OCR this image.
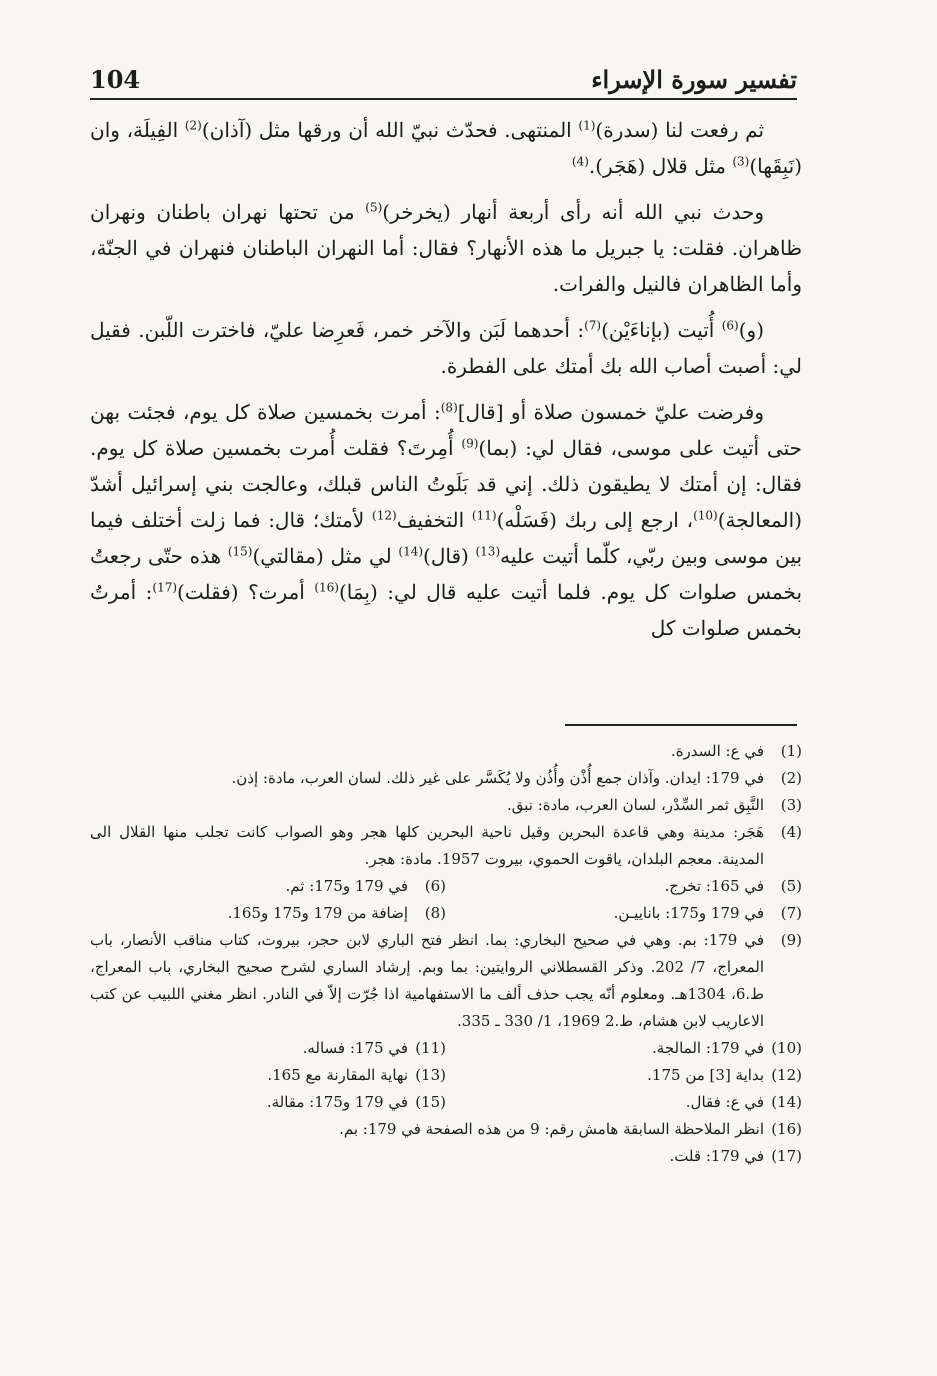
104	تفسير سورة الإسراء

ثم رفعت لنا (سدرة)$^{(1)}$ المنتهى. فحدّث نبيّ الله أن ورقها مثل (آذان)$^{(2)}$ الفِيلَة، وان (نَبِقَها)$^{(3)}$ مثل قلال (هَجَر).$^{(4)}$

وحدث نبي الله أنه رأى أربعة أنهار (يخرخر)$^{(5)}$ من تحتها نهران باطنان ونهران ظاهران. فقلت: يا جبريل ما هذه الأنهار؟ فقال: أما النهران الباطنان فنهران في الجنّة، وأما الظاهران فالنيل والفرات.

(و)$^{(6)}$ أُتيت (بإناءَيْن)$^{(7)}$: أحدهما لَبَن والآخر خمر، فَعرِضا عليّ، فاخترت اللّبن. فقيل لي: أصبت أصاب الله بك أمتك على الفطرة.

وفرضت عليّ خمسون صلاة أو [قال]$^{(8)}$: أمرت بخمسين صلاة كل يوم، فجئت بهن حتى أتيت على موسى، فقال لي: (بما)$^{(9)}$ أُمِرتَ؟ فقلت أُمرت بخمسين صلاة كل يوم. فقال: إن أمتك لا يطيقون ذلك. إني قد بَلَوتُ الناس قبلك، وعالجت بني إسرائيل أشدّ (المعالجة)$^{(10)}$، ارجع إلى ربك (فَسَلْه)$^{(11)}$ التخفيف$^{(12)}$ لأمتك؛ قال: فما زلت أختلف فيما بين موسى وبين ربّي، كلّما أتيت عليه$^{(13)}$ (قال)$^{(14)}$ لي مثل (مقالتي)$^{(15)}$ هذه حتّى رجعتُ بخمس صلوات كل يوم. فلما أتيت عليه قال لي: (بِمَا)$^{(16)}$ أمرت؟ (فقلت)$^{(17)}$: أمرتُ بخمس صلوات كل

(1)
في ع: السدرة.
(2)
في 179: ايدان. وآذان جمع أُذْن وأُذُن ولا يُكَسَّر على غير ذلك. لسان العرب، مادة: إذن.
(3)
النَّبِق ثمر السِّدْر، لسان العرب، مادة: نبق.
(4)
هَجَر: مدينة وهي قاعدة البحرين وقيل ناحية البحرين كلها هجر وهو الصواب كانت تجلب منها القلال الى المدينة. معجم البلدان، ياقوت الحموي، بيروت 1957. مادة: هجر.
(5)
في 165: تخرج.
(6)
في 179 و175: ثم.
(7)
في 179 و175: باناييـن.
(8)
إضافة من 179 و175 و165.
(9)
في 179: بم. وهي في صحيح البخاري: بما. انظر فتح الباري لابن حجر، بيروت، كتاب مناقب الأنصار، باب المعراج، 7/ 202. وذكر القسطلاني الروايتين: بما وبم. إرشاد الساري لشرح صحيح البخاري، باب المعراج، ط.6، 1304هـ. ومعلوم أنّه يجب حذف ألف ما الاستفهامية اذا جُرّت إلاّ في النادر. انظر مغني اللبيب عن كتب الاعاريب لابن هشام، ط.2 1969، 1/ 330 ـ 335.
(10)
في 179: المالجة.
(11)
في 175: فساله.
(12)
بداية [3] من 175.
(13)
نهاية المقارنة مع 165.
(14)
في ع: فقال.
(15)
في 179 و175: مقالة.
(16)
انظر الملاحظة السابقة هامش رقم: 9 من هذه الصفحة في 179: بم.
(17)
في 179: قلت.
